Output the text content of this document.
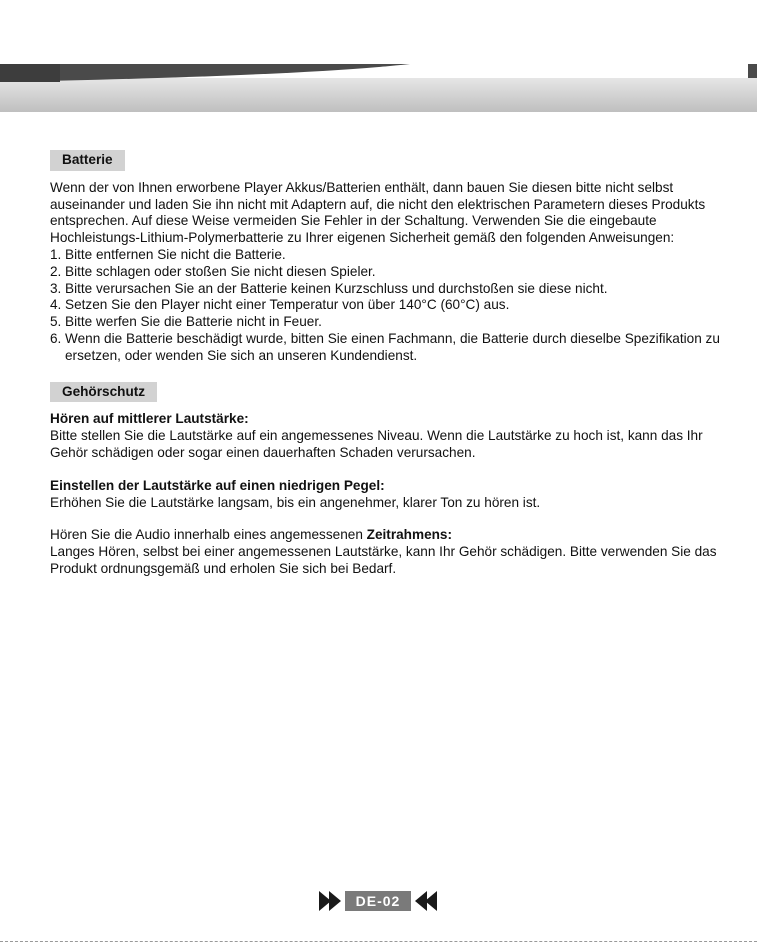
Batterie

Wenn der von Ihnen erworbene Player Akkus/Batterien enthält, dann bauen Sie diesen bitte nicht selbst auseinander und laden Sie ihn nicht mit Adaptern auf, die nicht den elektrischen Parametern dieses Produkts entsprechen. Auf diese Weise vermeiden Sie Fehler in der Schaltung. Verwenden Sie die eingebaute Hochleistungs-Lithium-Polymerbatterie zu Ihrer eigenen Sicherheit gemäß den folgenden Anweisungen:

1. Bitte entfernen Sie nicht die Batterie.
2. Bitte schlagen oder stoßen Sie nicht diesen Spieler.
3. Bitte verursachen Sie an der Batterie keinen Kurzschluss und durchstoßen sie diese nicht.
4. Setzen Sie den Player nicht einer Temperatur von über 140°C (60°C) aus.
5. Bitte werfen Sie die Batterie nicht in Feuer.
6. Wenn die Batterie beschädigt wurde, bitten Sie einen Fachmann, die Batterie durch dieselbe Spezifikation zu ersetzen, oder wenden Sie sich an unseren Kundendienst.
Gehörschutz

Hören auf mittlerer Lautstärke:

Bitte stellen Sie die Lautstärke auf ein angemessenes Niveau. Wenn die Lautstärke zu hoch ist, kann das Ihr Gehör schädigen oder sogar einen dauerhaften Schaden verursachen.

Einstellen der Lautstärke auf einen niedrigen Pegel:

Erhöhen Sie die Lautstärke langsam, bis ein angenehmer, klarer Ton zu hören ist.

Hören Sie die Audio innerhalb eines angemessenen Zeitrahmens:

Langes Hören, selbst bei einer angemessenen Lautstärke, kann Ihr Gehör schädigen. Bitte verwenden Sie das Produkt ordnungsgemäß und erholen Sie sich bei Bedarf.

DE-02
